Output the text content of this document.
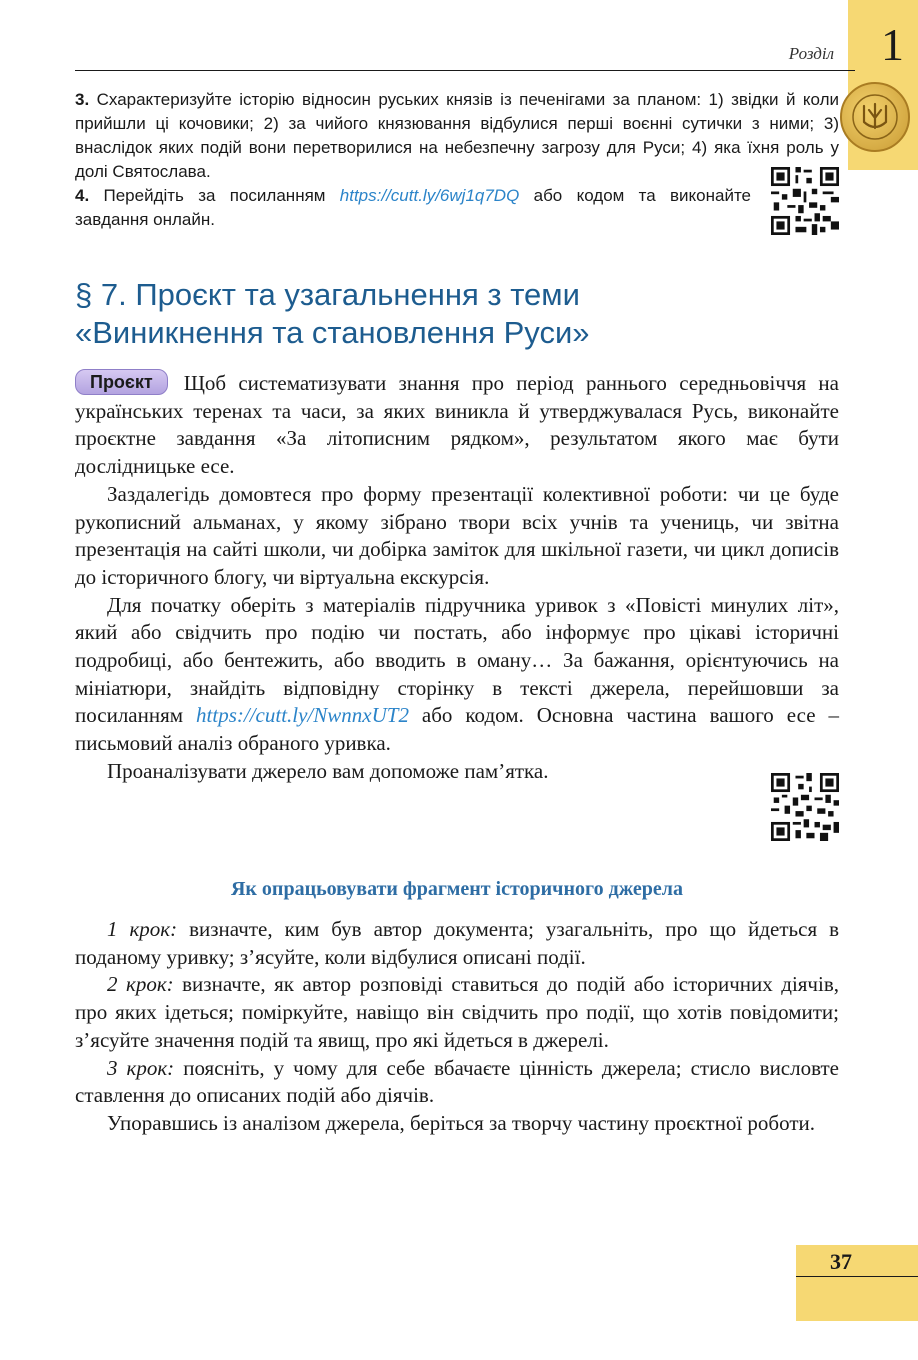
1
Розділ

3. Схарактеризуйте історію відносин руських князів із печенігами за планом: 1) звідки й коли прийшли ці кочовики; 2) за чийого князювання відбулися перші воєнні сутички з ними; 3) внаслідок яких подій вони перетворилися на небезпечну загрозу для Руси; 4) яка їхня роль у долі Святослава.

4. Перейдіть за посиланням https://cutt.ly/6wj1q7DQ або кодом та виконайте завдання онлайн.

§ 7. Проєкт та узагальнення з теми
«Виникнення та становлення Руси»

Проєкт Щоб систематизувати знання про період раннього середньовіччя на українських теренах та часи, за яких виникла й утверджувалася Русь, виконайте проєктне завдання «За літописним рядком», результатом якого має бути дослідницьке есе.

Заздалегідь домовтеся про форму презентації колективної роботи: чи це буде рукописний альманах, у якому зібрано твори всіх учнів та учениць, чи звітна презентація на сайті школи, чи добірка заміток для шкільної газети, чи цикл дописів до історичного блогу, чи віртуальна екскурсія.

Для початку оберіть з матеріалів підручника уривок з «Повісті минулих літ», який або свідчить про подію чи постать, або інформує про цікаві історичні подробиці, або бентежить, або вводить в оману… За бажання, орієнтуючись на мініатюри, знайдіть відповідну сторінку в тексті джерела, перейшовши за посиланням https://cutt.ly/NwnnxUT2 або кодом. Основна частина вашого есе – письмовий аналіз обраного уривка.

Проаналізувати джерело вам допоможе пам’ятка.

Як опрацьовувати фрагмент історичного джерела

1 крок: визначте, ким був автор документа; узагальніть, про що йдеться в поданому уривку; з’ясуйте, коли відбулися описані події.

2 крок: визначте, як автор розповіді ставиться до подій або історичних діячів, про яких ідеться; поміркуйте, навіщо він свідчить про події, що хотів повідомити; з’ясуйте значення подій та явищ, про які йдеться в джерелі.

3 крок: поясніть, у чому для себе вбачаєте цінність джерела; стисло висловте ставлення до описаних подій або діячів.

Упоравшись із аналізом джерела, беріться за творчу частину проєктної роботи.

37
